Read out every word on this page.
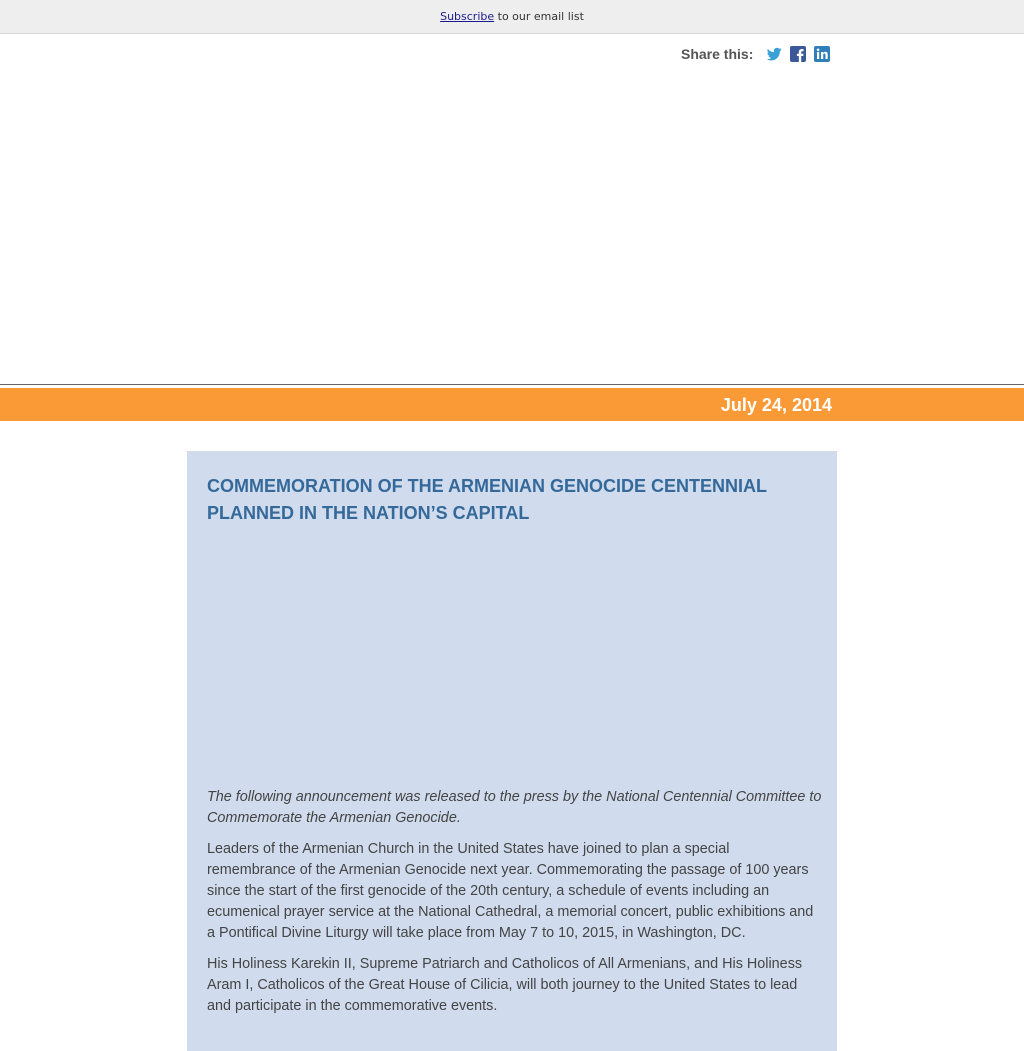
Subscribe to our email list
Share this:
July 24, 2014
COMMEMORATION OF THE ARMENIAN GENOCIDE CENTENNIAL PLANNED IN THE NATION’S CAPITAL

The following announcement was released to the press by the National Centennial Committee to Commemorate the Armenian Genocide.

Leaders of the Armenian Church in the United States have joined to plan a special remembrance of the Armenian Genocide next year. Commemorating the passage of 100 years since the start of the first genocide of the 20th century, a schedule of events including an ecumenical prayer service at the National Cathedral, a memorial concert, public exhibitions and a Pontifical Divine Liturgy will take place from May 7 to 10, 2015, in Washington, DC.

His Holiness Karekin II, Supreme Patriarch and Catholicos of All Armenians, and His Holiness Aram I, Catholicos of the Great House of Cilicia, will both journey to the United States to lead and participate in the commemorative events.
